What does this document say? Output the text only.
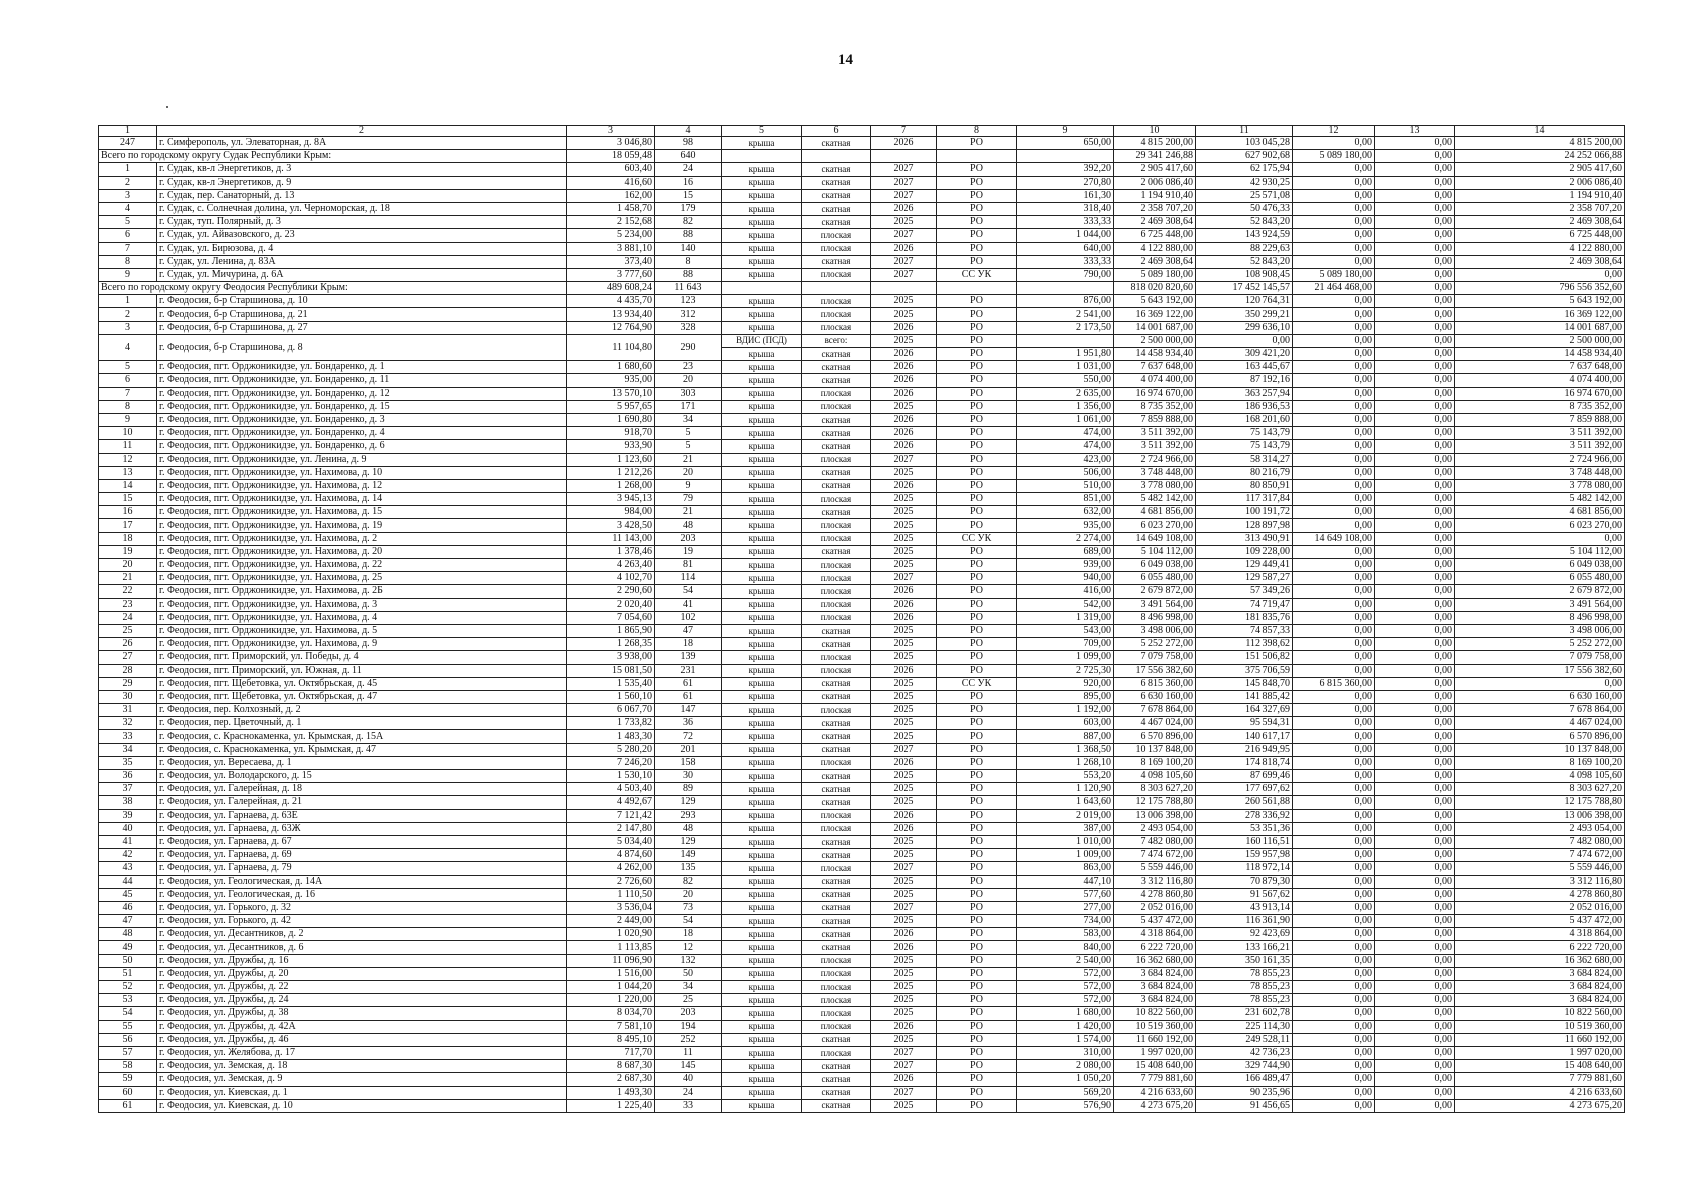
14
1	2	3	4	5	6	7	8	9	10	11	12	13	14
247	г. Симферополь, ул. Элеваторная, д. 8А	3 046,80	98	крыша	скатная	2026	РО	650,00	4 815 200,00	103 045,28	0,00	0,00	4 815 200,00
Всего по городскому округу Судак Республики Крым:		18 059,48	640						29 341 246,88	627 902,68	5 089 180,00	0,00	24 252 066,88
1	г. Судак, кв-л Энергетиков, д. 3	603,40	24	крыша	скатная	2027	РО	392,20	2 905 417,60	62 175,94	0,00	0,00	2 905 417,60
2	г. Судак, кв-л Энергетиков, д. 9	416,60	16	крыша	скатная	2027	РО	270,80	2 006 086,40	42 930,25	0,00	0,00	2 006 086,40
3	г. Судак, пер. Санаторный, д. 13	162,00	15	крыша	скатная	2027	РО	161,30	1 194 910,40	25 571,08	0,00	0,00	1 194 910,40
4	г. Судак, с. Солнечная долина, ул. Черноморская, д. 18	1 458,70	179	крыша	скатная	2026	РО	318,40	2 358 707,20	50 476,33	0,00	0,00	2 358 707,20
5	г. Судак, туп. Полярный, д. 3	2 152,68	82	крыша	скатная	2025	РО	333,33	2 469 308,64	52 843,20	0,00	0,00	2 469 308,64
6	г. Судак, ул. Айвазовского, д. 23	5 234,00	88	крыша	плоская	2027	РО	1 044,00	6 725 448,00	143 924,59	0,00	0,00	6 725 448,00
7	г. Судак, ул. Бирюзова, д. 4	3 881,10	140	крыша	плоская	2026	РО	640,00	4 122 880,00	88 229,63	0,00	0,00	4 122 880,00
8	г. Судак, ул. Ленина, д. 83А	373,40	8	крыша	скатная	2027	РО	333,33	2 469 308,64	52 843,20	0,00	0,00	2 469 308,64
9	г. Судак, ул. Мичурина, д. 6А	3 777,60	88	крыша	плоская	2027	СС УК	790,00	5 089 180,00	108 908,45	5 089 180,00	0,00	0,00
Всего по городскому округу Феодосия Республики Крым:		489 608,24	11 643						818 020 820,60	17 452 145,57	21 464 468,00	0,00	796 556 352,60
1	г. Феодосия, б-р Старшинова, д. 10	4 435,70	123	крыша	плоская	2025	РО	876,00	5 643 192,00	120 764,31	0,00	0,00	5 643 192,00
2	г. Феодосия, б-р Старшинова, д. 21	13 934,40	312	крыша	плоская	2025	РО	2 541,00	16 369 122,00	350 299,21	0,00	0,00	16 369 122,00
3	г. Феодосия, б-р Старшинова, д. 27	12 764,90	328	крыша	плоская	2026	РО	2 173,50	14 001 687,00	299 636,10	0,00	0,00	14 001 687,00
4	г. Феодосия, б-р Старшинова, д. 8	11 104,80	290	ВДИС (ПСД)	всего:	2025	РО		2 500 000,00	0,00	0,00	0,00	2 500 000,00
				крыша	скатная	2026	РО	1 951,80	14 458 934,40	309 421,20	0,00	0,00	14 458 934,40
5	г. Феодосия, пгт. Орджоникидзе, ул. Бондаренко, д. 1	1 680,60	23	крыша	скатная	2026	РО	1 031,00	7 637 648,00	163 445,67	0,00	0,00	7 637 648,00
6	г. Феодосия, пгт. Орджоникидзе, ул. Бондаренко, д. 11	935,00	20	крыша	скатная	2026	РО	550,00	4 074 400,00	87 192,16	0,00	0,00	4 074 400,00
7	г. Феодосия, пгт. Орджоникидзе, ул. Бондаренко, д. 12	13 570,10	303	крыша	плоская	2026	РО	2 635,00	16 974 670,00	363 257,94	0,00	0,00	16 974 670,00
8	г. Феодосия, пгт. Орджоникидзе, ул. Бондаренко, д. 15	5 957,65	171	крыша	плоская	2025	РО	1 356,00	8 735 352,00	186 936,53	0,00	0,00	8 735 352,00
9	г. Феодосия, пгт. Орджоникидзе, ул. Бондаренко, д. 3	1 690,80	34	крыша	скатная	2026	РО	1 061,00	7 859 888,00	168 201,60	0,00	0,00	7 859 888,00
10	г. Феодосия, пгт. Орджоникидзе, ул. Бондаренко, д. 4	918,70	5	крыша	скатная	2026	РО	474,00	3 511 392,00	75 143,79	0,00	0,00	3 511 392,00
11	г. Феодосия, пгт. Орджоникидзе, ул. Бондаренко, д. 6	933,90	5	крыша	скатная	2026	РО	474,00	3 511 392,00	75 143,79	0,00	0,00	3 511 392,00
12	г. Феодосия, пгт. Орджоникидзе, ул. Ленина, д. 9	1 123,60	21	крыша	плоская	2027	РО	423,00	2 724 966,00	58 314,27	0,00	0,00	2 724 966,00
13	г. Феодосия, пгт. Орджоникидзе, ул. Нахимова, д. 10	1 212,26	20	крыша	скатная	2025	РО	506,00	3 748 448,00	80 216,79	0,00	0,00	3 748 448,00
14	г. Феодосия, пгт. Орджоникидзе, ул. Нахимова, д. 12	1 268,00	9	крыша	скатная	2026	РО	510,00	3 778 080,00	80 850,91	0,00	0,00	3 778 080,00
15	г. Феодосия, пгт. Орджоникидзе, ул. Нахимова, д. 14	3 945,13	79	крыша	плоская	2025	РО	851,00	5 482 142,00	117 317,84	0,00	0,00	5 482 142,00
16	г. Феодосия, пгт. Орджоникидзе, ул. Нахимова, д. 15	984,00	21	крыша	скатная	2025	РО	632,00	4 681 856,00	100 191,72	0,00	0,00	4 681 856,00
17	г. Феодосия, пгт. Орджоникидзе, ул. Нахимова, д. 19	3 428,50	48	крыша	плоская	2025	РО	935,00	6 023 270,00	128 897,98	0,00	0,00	6 023 270,00
18	г. Феодосия, пгт. Орджоникидзе, ул. Нахимова, д. 2	11 143,00	203	крыша	плоская	2025	СС УК	2 274,00	14 649 108,00	313 490,91	14 649 108,00	0,00	0,00
19	г. Феодосия, пгт. Орджоникидзе, ул. Нахимова, д. 20	1 378,46	19	крыша	скатная	2025	РО	689,00	5 104 112,00	109 228,00	0,00	0,00	5 104 112,00
20	г. Феодосия, пгт. Орджоникидзе, ул. Нахимова, д. 22	4 263,40	81	крыша	плоская	2025	РО	939,00	6 049 038,00	129 449,41	0,00	0,00	6 049 038,00
21	г. Феодосия, пгт. Орджоникидзе, ул. Нахимова, д. 25	4 102,70	114	крыша	плоская	2027	РО	940,00	6 055 480,00	129 587,27	0,00	0,00	6 055 480,00
22	г. Феодосия, пгт. Орджоникидзе, ул. Нахимова, д. 2Б	2 290,60	54	крыша	плоская	2026	РО	416,00	2 679 872,00	57 349,26	0,00	0,00	2 679 872,00
23	г. Феодосия, пгт. Орджоникидзе, ул. Нахимова, д. 3	2 020,40	41	крыша	плоская	2026	РО	542,00	3 491 564,00	74 719,47	0,00	0,00	3 491 564,00
24	г. Феодосия, пгт. Орджоникидзе, ул. Нахимова, д. 4	7 054,60	102	крыша	плоская	2026	РО	1 319,00	8 496 998,00	181 835,76	0,00	0,00	8 496 998,00
25	г. Феодосия, пгт. Орджоникидзе, ул. Нахимова, д. 5	1 865,90	47	крыша	скатная	2025	РО	543,00	3 498 006,00	74 857,33	0,00	0,00	3 498 006,00
26	г. Феодосия, пгт. Орджоникидзе, ул. Нахимова, д. 9	1 268,35	18	крыша	скатная	2025	РО	709,00	5 252 272,00	112 398,62	0,00	0,00	5 252 272,00
27	г. Феодосия, пгт. Приморский, ул. Победы, д. 4	3 938,00	139	крыша	плоская	2025	РО	1 099,00	7 079 758,00	151 506,82	0,00	0,00	7 079 758,00
28	г. Феодосия, пгт. Приморский, ул. Южная, д. 11	15 081,50	231	крыша	плоская	2026	РО	2 725,30	17 556 382,60	375 706,59	0,00	0,00	17 556 382,60
29	г. Феодосия, пгт. Щебетовка, ул. Октябрьская, д. 45	1 535,40	61	крыша	скатная	2025	СС УК	920,00	6 815 360,00	145 848,70	6 815 360,00	0,00	0,00
30	г. Феодосия, пгт. Щебетовка, ул. Октябрьская, д. 47	1 560,10	61	крыша	скатная	2025	РО	895,00	6 630 160,00	141 885,42	0,00	0,00	6 630 160,00
31	г. Феодосия, пер. Колхозный, д. 2	6 067,70	147	крыша	плоская	2025	РО	1 192,00	7 678 864,00	164 327,69	0,00	0,00	7 678 864,00
32	г. Феодосия, пер. Цветочный, д. 1	1 733,82	36	крыша	скатная	2025	РО	603,00	4 467 024,00	95 594,31	0,00	0,00	4 467 024,00
33	г. Феодосия, с. Краснокаменка, ул. Крымская, д. 15А	1 483,30	72	крыша	скатная	2025	РО	887,00	6 570 896,00	140 617,17	0,00	0,00	6 570 896,00
34	г. Феодосия, с. Краснокаменка, ул. Крымская, д. 47	5 280,20	201	крыша	скатная	2027	РО	1 368,50	10 137 848,00	216 949,95	0,00	0,00	10 137 848,00
35	г. Феодосия, ул. Вересаева, д. 1	7 246,20	158	крыша	плоская	2026	РО	1 268,10	8 169 100,20	174 818,74	0,00	0,00	8 169 100,20
36	г. Феодосия, ул. Володарского, д. 15	1 530,10	30	крыша	скатная	2025	РО	553,20	4 098 105,60	87 699,46	0,00	0,00	4 098 105,60
37	г. Феодосия, ул. Галерейная, д. 18	4 503,40	89	крыша	скатная	2025	РО	1 120,90	8 303 627,20	177 697,62	0,00	0,00	8 303 627,20
38	г. Феодосия, ул. Галерейная, д. 21	4 492,67	129	крыша	скатная	2025	РО	1 643,60	12 175 788,80	260 561,88	0,00	0,00	12 175 788,80
39	г. Феодосия, ул. Гарнаева, д. 63Е	7 121,42	293	крыша	плоская	2026	РО	2 019,00	13 006 398,00	278 336,92	0,00	0,00	13 006 398,00
40	г. Феодосия, ул. Гарнаева, д. 63Ж	2 147,80	48	крыша	плоская	2026	РО	387,00	2 493 054,00	53 351,36	0,00	0,00	2 493 054,00
41	г. Феодосия, ул. Гарнаева, д. 67	5 034,40	129	крыша	скатная	2025	РО	1 010,00	7 482 080,00	160 116,51	0,00	0,00	7 482 080,00
42	г. Феодосия, ул. Гарнаева, д. 69	4 874,60	149	крыша	скатная	2025	РО	1 009,00	7 474 672,00	159 957,98	0,00	0,00	7 474 672,00
43	г. Феодосия, ул. Гарнаева, д. 79	4 262,00	135	крыша	плоская	2027	РО	863,00	5 559 446,00	118 972,14	0,00	0,00	5 559 446,00
44	г. Феодосия, ул. Геологическая, д. 14А	2 726,60	82	крыша	скатная	2025	РО	447,10	3 312 116,80	70 879,30	0,00	0,00	3 312 116,80
45	г. Феодосия, ул. Геологическая, д. 16	1 110,50	20	крыша	скатная	2025	РО	577,60	4 278 860,80	91 567,62	0,00	0,00	4 278 860,80
46	г. Феодосия, ул. Горького, д. 32	3 536,04	73	крыша	скатная	2027	РО	277,00	2 052 016,00	43 913,14	0,00	0,00	2 052 016,00
47	г. Феодосия, ул. Горького, д. 42	2 449,00	54	крыша	скатная	2025	РО	734,00	5 437 472,00	116 361,90	0,00	0,00	5 437 472,00
48	г. Феодосия, ул. Десантников, д. 2	1 020,90	18	крыша	скатная	2026	РО	583,00	4 318 864,00	92 423,69	0,00	0,00	4 318 864,00
49	г. Феодосия, ул. Десантников, д. 6	1 113,85	12	крыша	скатная	2026	РО	840,00	6 222 720,00	133 166,21	0,00	0,00	6 222 720,00
50	г. Феодосия, ул. Дружбы, д. 16	11 096,90	132	крыша	плоская	2025	РО	2 540,00	16 362 680,00	350 161,35	0,00	0,00	16 362 680,00
51	г. Феодосия, ул. Дружбы, д. 20	1 516,00	50	крыша	плоская	2025	РО	572,00	3 684 824,00	78 855,23	0,00	0,00	3 684 824,00
52	г. Феодосия, ул. Дружбы, д. 22	1 044,20	34	крыша	плоская	2025	РО	572,00	3 684 824,00	78 855,23	0,00	0,00	3 684 824,00
53	г. Феодосия, ул. Дружбы, д. 24	1 220,00	25	крыша	плоская	2025	РО	572,00	3 684 824,00	78 855,23	0,00	0,00	3 684 824,00
54	г. Феодосия, ул. Дружбы, д. 38	8 034,70	203	крыша	плоская	2025	РО	1 680,00	10 822 560,00	231 602,78	0,00	0,00	10 822 560,00
55	г. Феодосия, ул. Дружбы, д. 42А	7 581,10	194	крыша	плоская	2026	РО	1 420,00	10 519 360,00	225 114,30	0,00	0,00	10 519 360,00
56	г. Феодосия, ул. Дружбы, д. 46	8 495,10	252	крыша	скатная	2025	РО	1 574,00	11 660 192,00	249 528,11	0,00	0,00	11 660 192,00
57	г. Феодосия, ул. Желябова, д. 17	717,70	11	крыша	плоская	2027	РО	310,00	1 997 020,00	42 736,23	0,00	0,00	1 997 020,00
58	г. Феодосия, ул. Земская, д. 18	8 687,30	145	крыша	скатная	2027	РО	2 080,00	15 408 640,00	329 744,90	0,00	0,00	15 408 640,00
59	г. Феодосия, ул. Земская, д. 9	2 687,30	40	крыша	скатная	2026	РО	1 050,20	7 779 881,60	166 489,47	0,00	0,00	7 779 881,60
60	г. Феодосия, ул. Киевская, д. 1	1 493,30	24	крыша	скатная	2027	РО	569,20	4 216 633,60	90 235,96	0,00	0,00	4 216 633,60
61	г. Феодосия, ул. Киевская, д. 10	1 225,40	33	крыша	скатная	2025	РО	576,90	4 273 675,20	91 456,65	0,00	0,00	4 273 675,20
